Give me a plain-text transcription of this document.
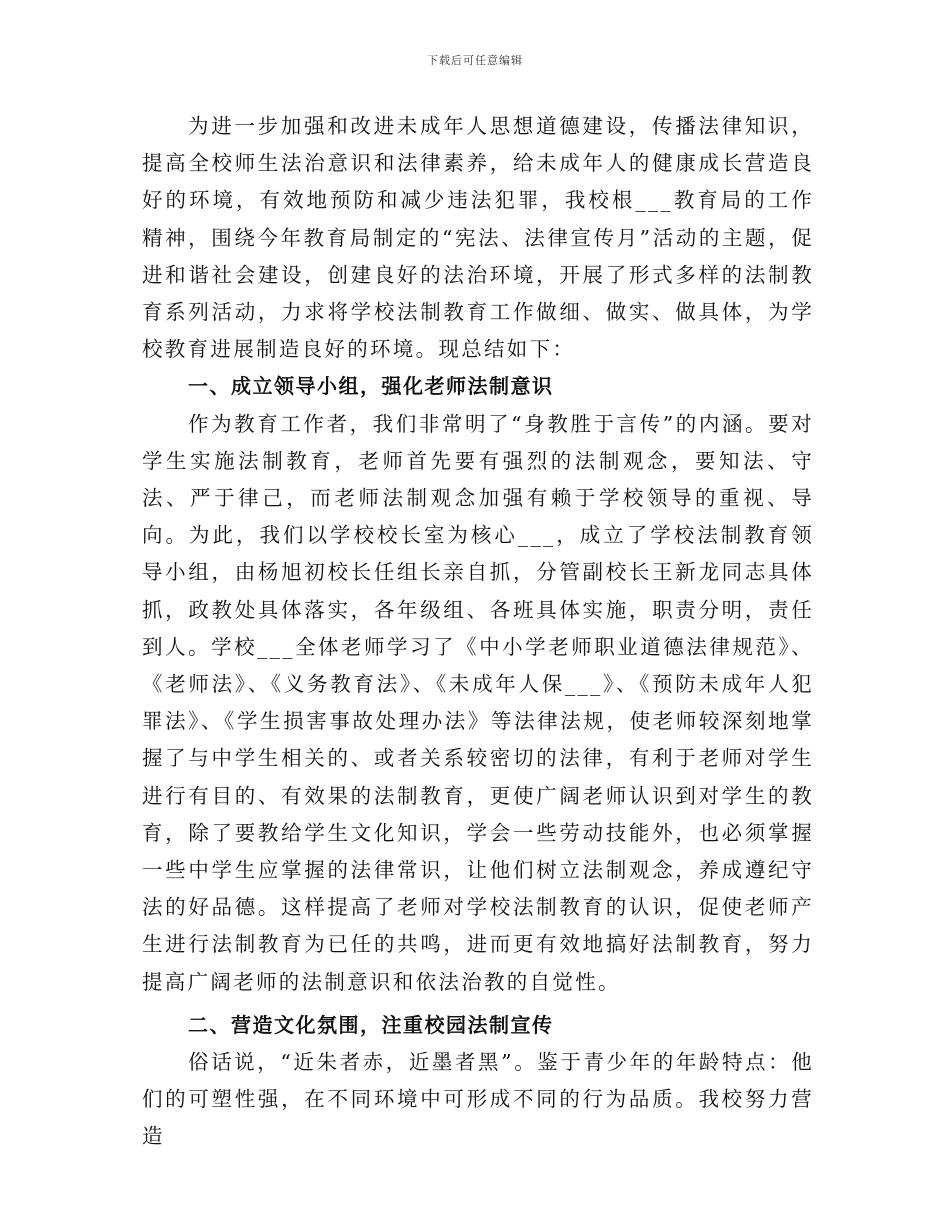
下载后可任意编辑

为进一步加强和改进未成年人思想道德建设，传播法律知识，提高全校师生法治意识和法律素养，给未成年人的健康成长营造良好的环境，有效地预防和减少违法犯罪，我校根___教育局的工作精神，围绕今年教育局制定的“宪法、法律宣传月”活动的主题，促进和谐社会建设，创建良好的法治环境，开展了形式多样的法制教育系列活动，力求将学校法制教育工作做细、做实、做具体，为学校教育进展制造良好的环境。现总结如下：

一、成立领导小组，强化老师法制意识

作为教育工作者，我们非常明了“身教胜于言传”的内涵。要对学生实施法制教育，老师首先要有强烈的法制观念，要知法、守法、严于律己，而老师法制观念加强有赖于学校领导的重视、导向。为此，我们以学校校长室为核心___，成立了学校法制教育领导小组，由杨旭初校长任组长亲自抓，分管副校长王新龙同志具体抓，政教处具体落实，各年级组、各班具体实施，职责分明，责任到人。学校___全体老师学习了《中小学老师职业道德法律规范》、《老师法》、《义务教育法》、《未成年人保___》、《预防未成年人犯罪法》、《学生损害事故处理办法》等法律法规，使老师较深刻地掌握了与中学生相关的、或者关系较密切的法律，有利于老师对学生进行有目的、有效果的法制教育，更使广阔老师认识到对学生的教育，除了要教给学生文化知识，学会一些劳动技能外，也必须掌握一些中学生应掌握的法律常识，让他们树立法制观念，养成遵纪守法的好品德。这样提高了老师对学校法制教育的认识，促使老师产生进行法制教育为已任的共鸣，进而更有效地搞好法制教育，努力提高广阔老师的法制意识和依法治教的自觉性。

二、营造文化氛围，注重校园法制宣传

俗话说，“近朱者赤，近墨者黑”。鉴于青少年的年龄特点：他们的可塑性强，在不同环境中可形成不同的行为品质。我校努力营造
